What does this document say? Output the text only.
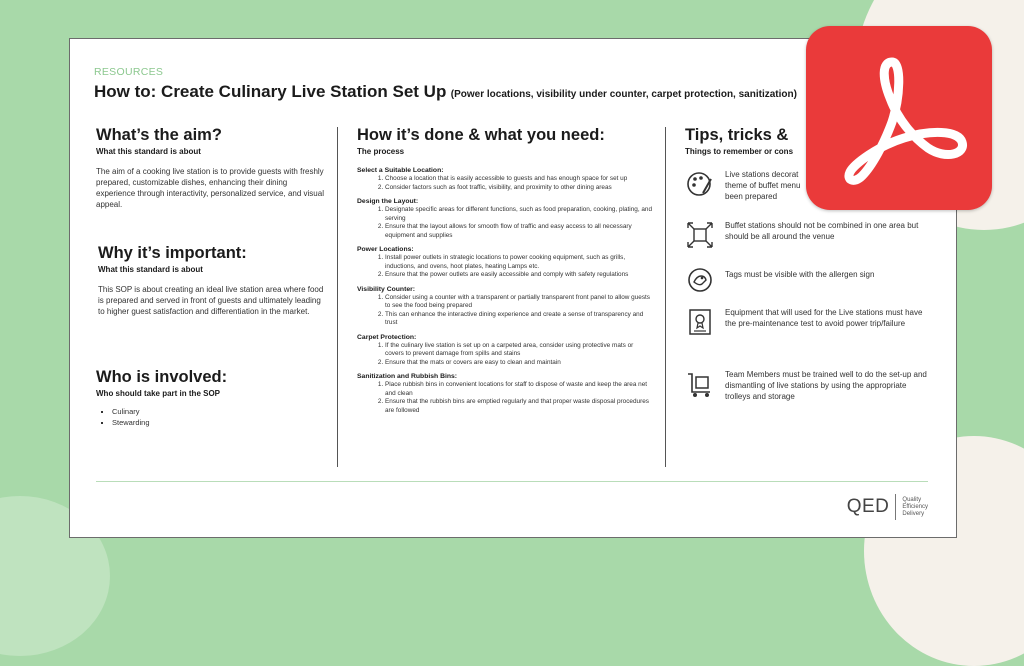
RESOURCES
How to: Create Culinary Live Station Set Up (Power locations, visibility under counter, carpet protection, sanitization)
What’s the aim?
What this standard is about
The aim of a cooking live station is to provide guests with freshly prepared, customizable dishes, enhancing their dining experience through interactivity, personalized service, and visual appeal.
Why it’s important:
What this standard is about
This SOP is about creating an ideal live station area where food is prepared and served in front of guests and ultimately leading to higher guest satisfaction and differentiation in the market.
Who is involved:
Who should take part in the SOP
▪ Culinary
▪ Stewarding
How it’s done & what you need:
The process
Select a Suitable Location:
1. Choose a location that is easily accessible to guests and has enough space for set up
2. Consider factors such as foot traffic, visibility, and proximity to other dining areas
Design the Layout:
1. Designate specific areas for different functions, such as food preparation, cooking, plating, and serving
2. Ensure that the layout allows for smooth flow of traffic and easy access to all necessary equipment and supplies
Power Locations:
1. Install power outlets in strategic locations to power cooking equipment, such as grills, inductions, and ovens, hoot plates, heating Lamps etc.
2. Ensure that the power outlets are easily accessible and comply with safety regulations
Visibility Counter:
1. Consider using a counter with a transparent or partially transparent front panel to allow guests to see the food being prepared
2. This can enhance the interactive dining experience and create a sense of transparency and trust
Carpet Protection:
1. If the culinary live station is set up on a carpeted area, consider using protective mats or covers to prevent damage from spills and stains
2. Ensure that the mats or covers are easy to clean and maintain
Sanitization and Rubbish Bins:
1. Place rubbish bins in convenient locations for staff to dispose of waste and keep the area net and clean
2. Ensure that the rubbish bins are emptied regularly and that proper waste disposal procedures are followed
Tips, tricks &
Things to remember or cons
Live stations decorat theme of buffet menu been prepared
Buffet stations should not be combined in one area but should be all around the venue
Tags must be visible with the allergen sign
Equipment that will used for the Live stations must have the pre-maintenance test to avoid power trip/failure
Team Members must be trained well to do the set-up and dismantling of live stations by using the appropriate trolleys and storage
QED Quality
Efficiency
Delivery
